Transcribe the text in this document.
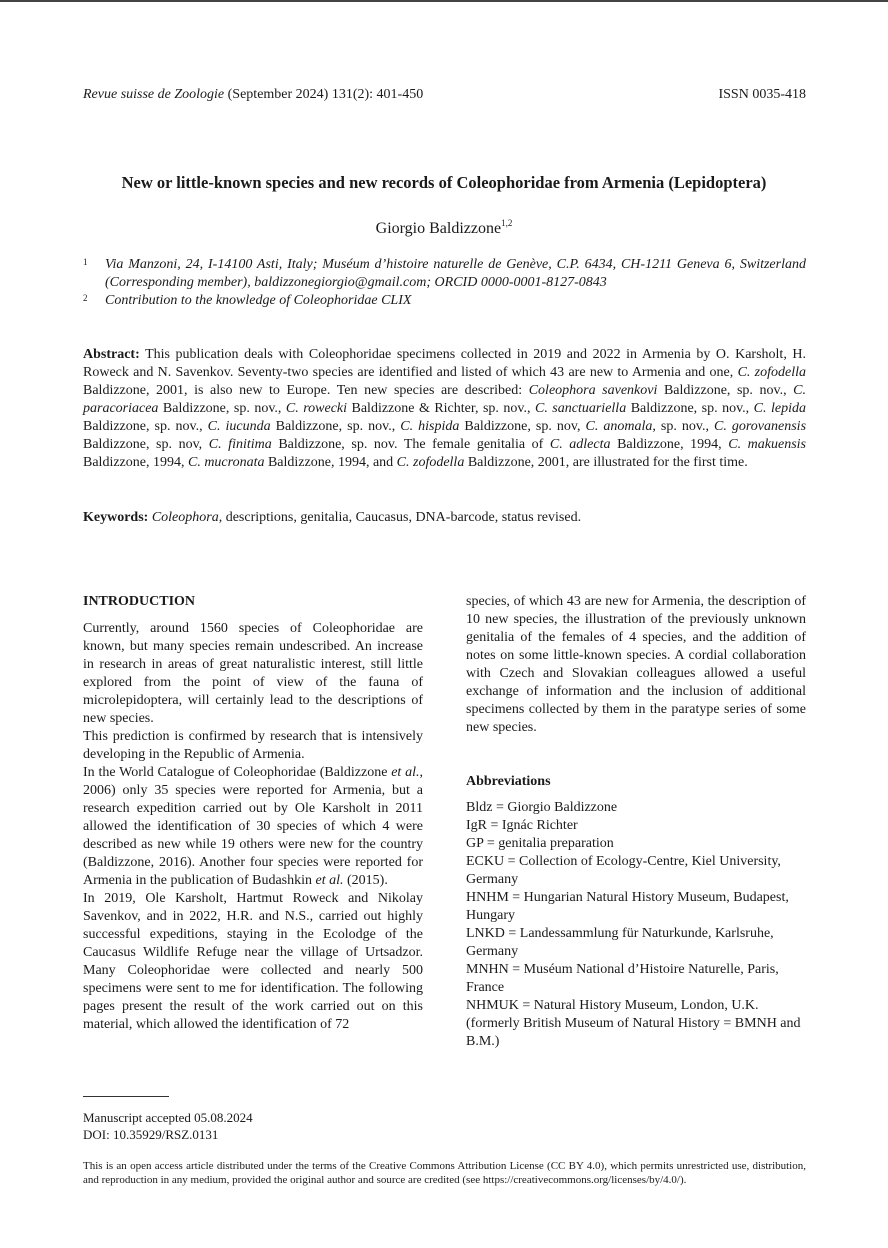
Revue suisse de Zoologie (September 2024) 131(2): 401-450	ISSN 0035-418
New or little-known species and new records of Coleophoridae from Armenia (Lepidoptera)
Giorgio Baldizzone$^{1,2}$
1 Via Manzoni, 24, I-14100 Asti, Italy; Muséum d’histoire naturelle de Genève, C.P. 6434, CH-1211 Geneva 6, Switzerland (Corresponding member), baldizzonegiorgio@gmail.com; ORCID 0000-0001-8127-0843
2 Contribution to the knowledge of Coleophoridae CLIX
Abstract: This publication deals with Coleophoridae specimens collected in 2019 and 2022 in Armenia by O. Karsholt, H. Roweck and N. Savenkov. Seventy-two species are identified and listed of which 43 are new to Armenia and one, C. zofodella Baldizzone, 2001, is also new to Europe. Ten new species are described: Coleophora savenkovi Baldizzone, sp. nov., C. paracoriacea Baldizzone, sp. nov., C. rowecki Baldizzone & Richter, sp. nov., C. sanctuariella Baldizzone, sp. nov., C. lepida Baldizzone, sp. nov., C. iucunda Baldizzone, sp. nov., C. hispida Baldizzone, sp. nov, C. anomala, sp. nov., C. gorovanensis Baldizzone, sp. nov, C. finitima Baldizzone, sp. nov. The female genitalia of C. adlecta Baldizzone, 1994, C. makuensis Baldizzone, 1994, C. mucronata Baldizzone, 1994, and C. zofodella Baldizzone, 2001, are illustrated for the first time.
Keywords: Coleophora, descriptions, genitalia, Caucasus, DNA-barcode, status revised.
INTRODUCTION

Currently, around 1560 species of Coleophoridae are known, but many species remain undescribed. An increase in research in areas of great naturalistic interest, still little explored from the point of view of the fauna of microlepidoptera, will certainly lead to the descriptions of new species.

This prediction is confirmed by research that is intensively developing in the Republic of Armenia.

In the World Catalogue of Coleophoridae (Baldizzone et al., 2006) only 35 species were reported for Armenia, but a research expedition carried out by Ole Karsholt in 2011 allowed the identification of 30 species of which 4 were described as new while 19 others were new for the country (Baldizzone, 2016). Another four species were reported for Armenia in the publication of Budashkin et al. (2015).

In 2019, Ole Karsholt, Hartmut Roweck and Nikolay Savenkov, and in 2022, H.R. and N.S., carried out highly successful expeditions, staying in the Ecolodge of the Caucasus Wildlife Refuge near the village of Urtsadzor. Many Coleophoridae were collected and nearly 500 specimens were sent to me for identification. The following pages present the result of the work carried out on this material, which allowed the identification of 72

species, of which 43 are new for Armenia, the description of 10 new species, the illustration of the previously unknown genitalia of the females of 4 species, and the addition of notes on some little-known species. A cordial collaboration with Czech and Slovakian colleagues allowed a useful exchange of information and the inclusion of additional specimens collected by them in the paratype series of some new species.

Abbreviations
Bldz = Giorgio Baldizzone
IgR = Ignác Richter
GP = genitalia preparation
ECKU = Collection of Ecology-Centre, Kiel University, Germany
HNHM = Hungarian Natural History Museum, Budapest, Hungary
LNKD = Landessammlung für Naturkunde, Karlsruhe, Germany
MNHN = Muséum National d’Histoire Naturelle, Paris, France
NHMUK = Natural History Museum, London, U.K. (formerly British Museum of Natural History = BMNH and B.M.)
Manuscript accepted 05.08.2024
DOI: 10.35929/RSZ.0131
This is an open access article distributed under the terms of the Creative Commons Attribution License (CC BY 4.0), which permits unrestricted use, distribution, and reproduction in any medium, provided the original author and source are credited (see https://creativecommons.org/licenses/by/4.0/).
